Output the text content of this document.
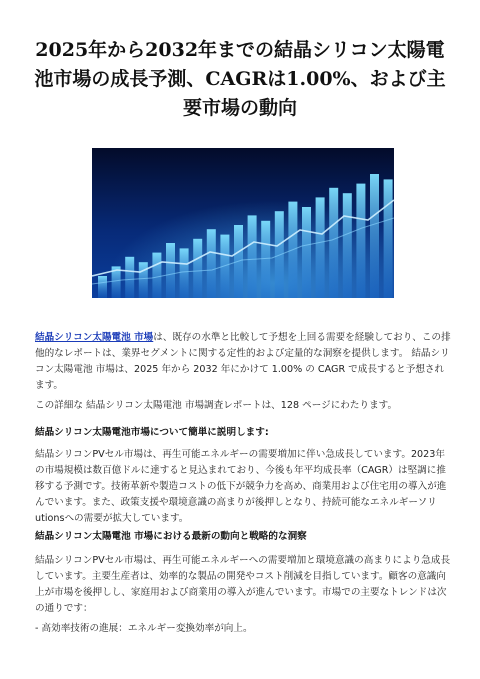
2025年から2032年までの結晶シリコン太陽電池市場の成長予測、CAGRは1.00%、および主要市場の動向

結晶シリコン太陽電池 市場は、既存の水準と比較して予想を上回る需要を経験しており、この排他的なレポートは、業界セグメントに関する定性的および定量的な洞察を提供します。 結晶シリコン太陽電池 市場は、2025 年から 2032 年にかけて 1.00% の CAGR で成長すると予想されます。

この詳細な 結晶シリコン太陽電池 市場調査レポートは、128 ページにわたります。

結晶シリコン太陽電池市場について簡単に説明します:

結晶シリコンPVセル市場は、再生可能エネルギーの需要増加に伴い急成長しています。2023年の市場規模は数百億ドルに達すると見込まれており、今後も年平均成長率（CAGR）は堅調に推移する予測です。技術革新や製造コストの低下が競争力を高め、商業用および住宅用の導入が進んでいます。また、政策支援や環境意識の高まりが後押しとなり、持続可能なエネルギーソリutionsへの需要が拡大しています。

結晶シリコン太陽電池 市場における最新の動向と戦略的な洞察

結晶シリコンPVセル市場は、再生可能エネルギーへの需要増加と環境意識の高まりにより急成長しています。主要生産者は、効率的な製品の開発やコスト削減を目指しています。顧客の意識向上が市場を後押しし、家庭用および商業用の導入が進んでいます。市場での主要なトレンドは次の通りです：

- 高効率技術の進展：エネルギー変換効率が向上。
